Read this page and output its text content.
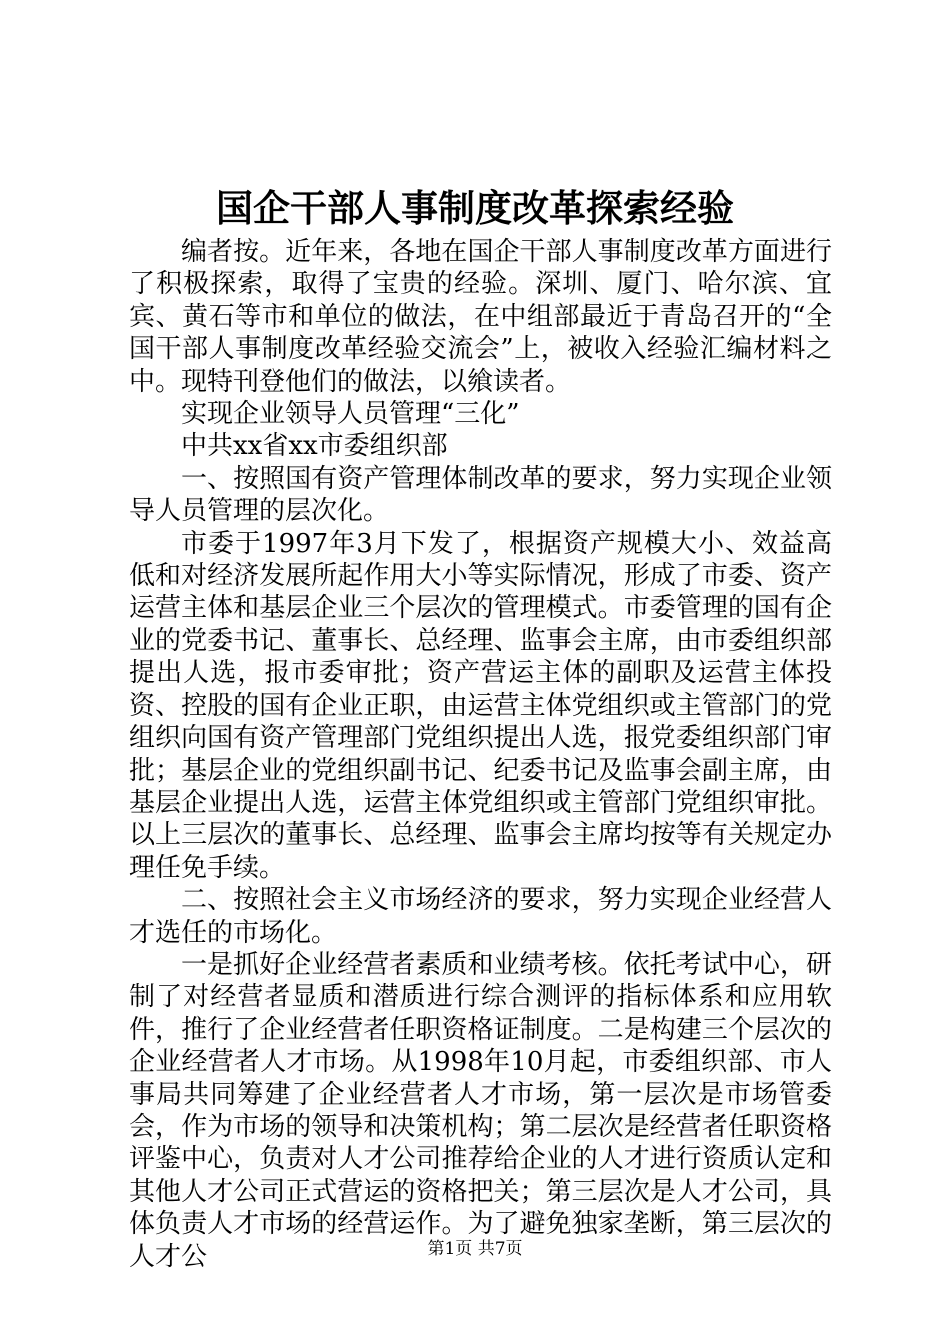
国企干部人事制度改革探索经验

编者按。近年来，各地在国企干部人事制度改革方面进行了积极探索，取得了宝贵的经验。深圳、厦门、哈尔滨、宜宾、黄石等市和单位的做法，在中组部最近于青岛召开的“全国干部人事制度改革经验交流会”上，被收入经验汇编材料之中。现特刊登他们的做法，以飨读者。

实现企业领导人员管理“三化”

中共xx省xx市委组织部

一、按照国有资产管理体制改革的要求，努力实现企业领导人员管理的层次化。

市委于1997年3月下发了，根据资产规模大小、效益高低和对经济发展所起作用大小等实际情况，形成了市委、资产运营主体和基层企业三个层次的管理模式。市委管理的国有企业的党委书记、董事长、总经理、监事会主席，由市委组织部提出人选，报市委审批；资产营运主体的副职及运营主体投资、控股的国有企业正职，由运营主体党组织或主管部门的党组织向国有资产管理部门党组织提出人选，报党委组织部门审批；基层企业的党组织副书记、纪委书记及监事会副主席，由基层企业提出人选，运营主体党组织或主管部门党组织审批。以上三层次的董事长、总经理、监事会主席均按等有关规定办理任免手续。

二、按照社会主义市场经济的要求，努力实现企业经营人才选任的市场化。

一是抓好企业经营者素质和业绩考核。依托考试中心，研制了对经营者显质和潜质进行综合测评的指标体系和应用软件，推行了企业经营者任职资格证制度。二是构建三个层次的企业经营者人才市场。从1998年10月起，市委组织部、市人事局共同筹建了企业经营者人才市场，第一层次是市场管委会，作为市场的领导和决策机构；第二层次是经营者任职资格评鉴中心，负责对人才公司推荐给企业的人才进行资质认定和其他人才公司正式营运的资格把关；第三层次是人才公司，具体负责人才市场的经营运作。为了避免独家垄断，第三层次的人才公	第1页 共7页
